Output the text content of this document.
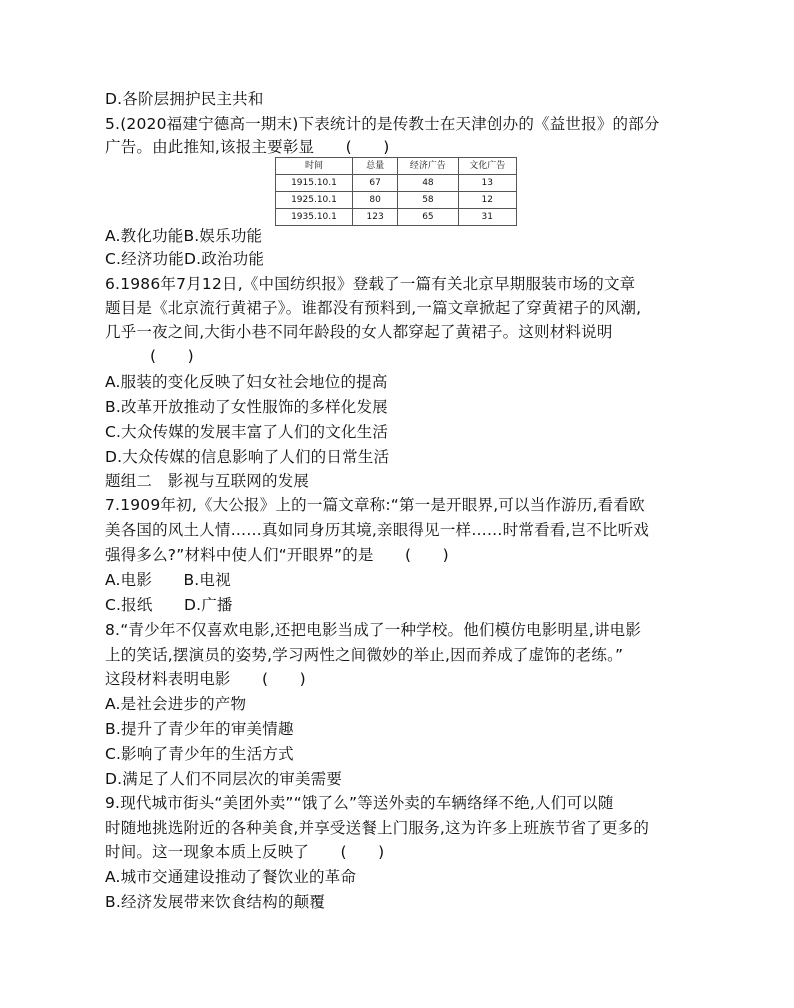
D.各阶层拥护民主共和
5.(2020福建宁德高一期末)下表统计的是传教士在天津创办的《益世报》的部分
广告。由此推知,该报主要彰显　　(　　)
时间	总量	经济广告	文化广告
1915.10.1	67	48	13
1925.10.1	80	58	12
1935.10.1	123	65	31
A.教化功能B.娱乐功能
C.经济功能D.政治功能
6.1986年7月12日,《中国纺织报》登载了一篇有关北京早期服装市场的文章
题目是《北京流行黄裙子》。谁都没有预料到,一篇文章掀起了穿黄裙子的风潮,
几乎一夜之间,大街小巷不同年龄段的女人都穿起了黄裙子。这则材料说明
(　　)
A.服装的变化反映了妇女社会地位的提高
B.改革开放推动了女性服饰的多样化发展
C.大众传媒的发展丰富了人们的文化生活
D.大众传媒的信息影响了人们的日常生活
题组二　影视与互联网的发展
7.1909年初,《大公报》上的一篇文章称:“第一是开眼界,可以当作游历,看看欧
美各国的风土人情……真如同身历其境,亲眼得见一样……时常看看,岂不比听戏
强得多么?”材料中使人们“开眼界”的是　　(　　)
A.电影　　B.电视
C.报纸　　D.广播
8.“青少年不仅喜欢电影,还把电影当成了一种学校。他们模仿电影明星,讲电影
上的笑话,摆演员的姿势,学习两性之间微妙的举止,因而养成了虚饰的老练。”
这段材料表明电影　　(　　)
A.是社会进步的产物
B.提升了青少年的审美情趣
C.影响了青少年的生活方式
D.满足了人们不同层次的审美需要
9.现代城市街头“美团外卖”“饿了么”等送外卖的车辆络绎不绝,人们可以随
时随地挑选附近的各种美食,并享受送餐上门服务,这为许多上班族节省了更多的
时间。这一现象本质上反映了　　(　　)
A.城市交通建设推动了餐饮业的革命
B.经济发展带来饮食结构的颠覆
